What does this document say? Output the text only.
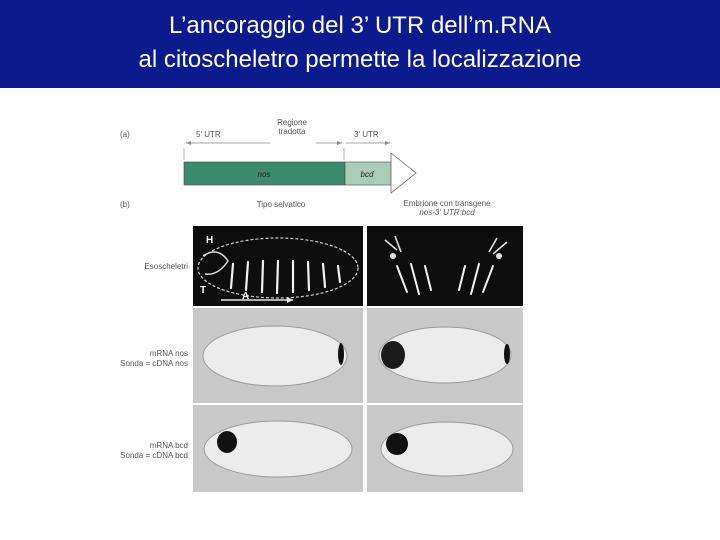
L’ancoraggio del 3’ UTR dell’m.RNA
al citoscheletro permette la localizzazione
(a)	5' UTR
Regione
tradotta	3' UTR
nos	bcd
(b)	Tipo selvatico	Embrione con transgene
nos-3' UTR:bcd
Esoscheletri
mRNA nos
Sonda = cDNA nos
mRNA bcd
Sonda = cDNA bcd
H
T
A
